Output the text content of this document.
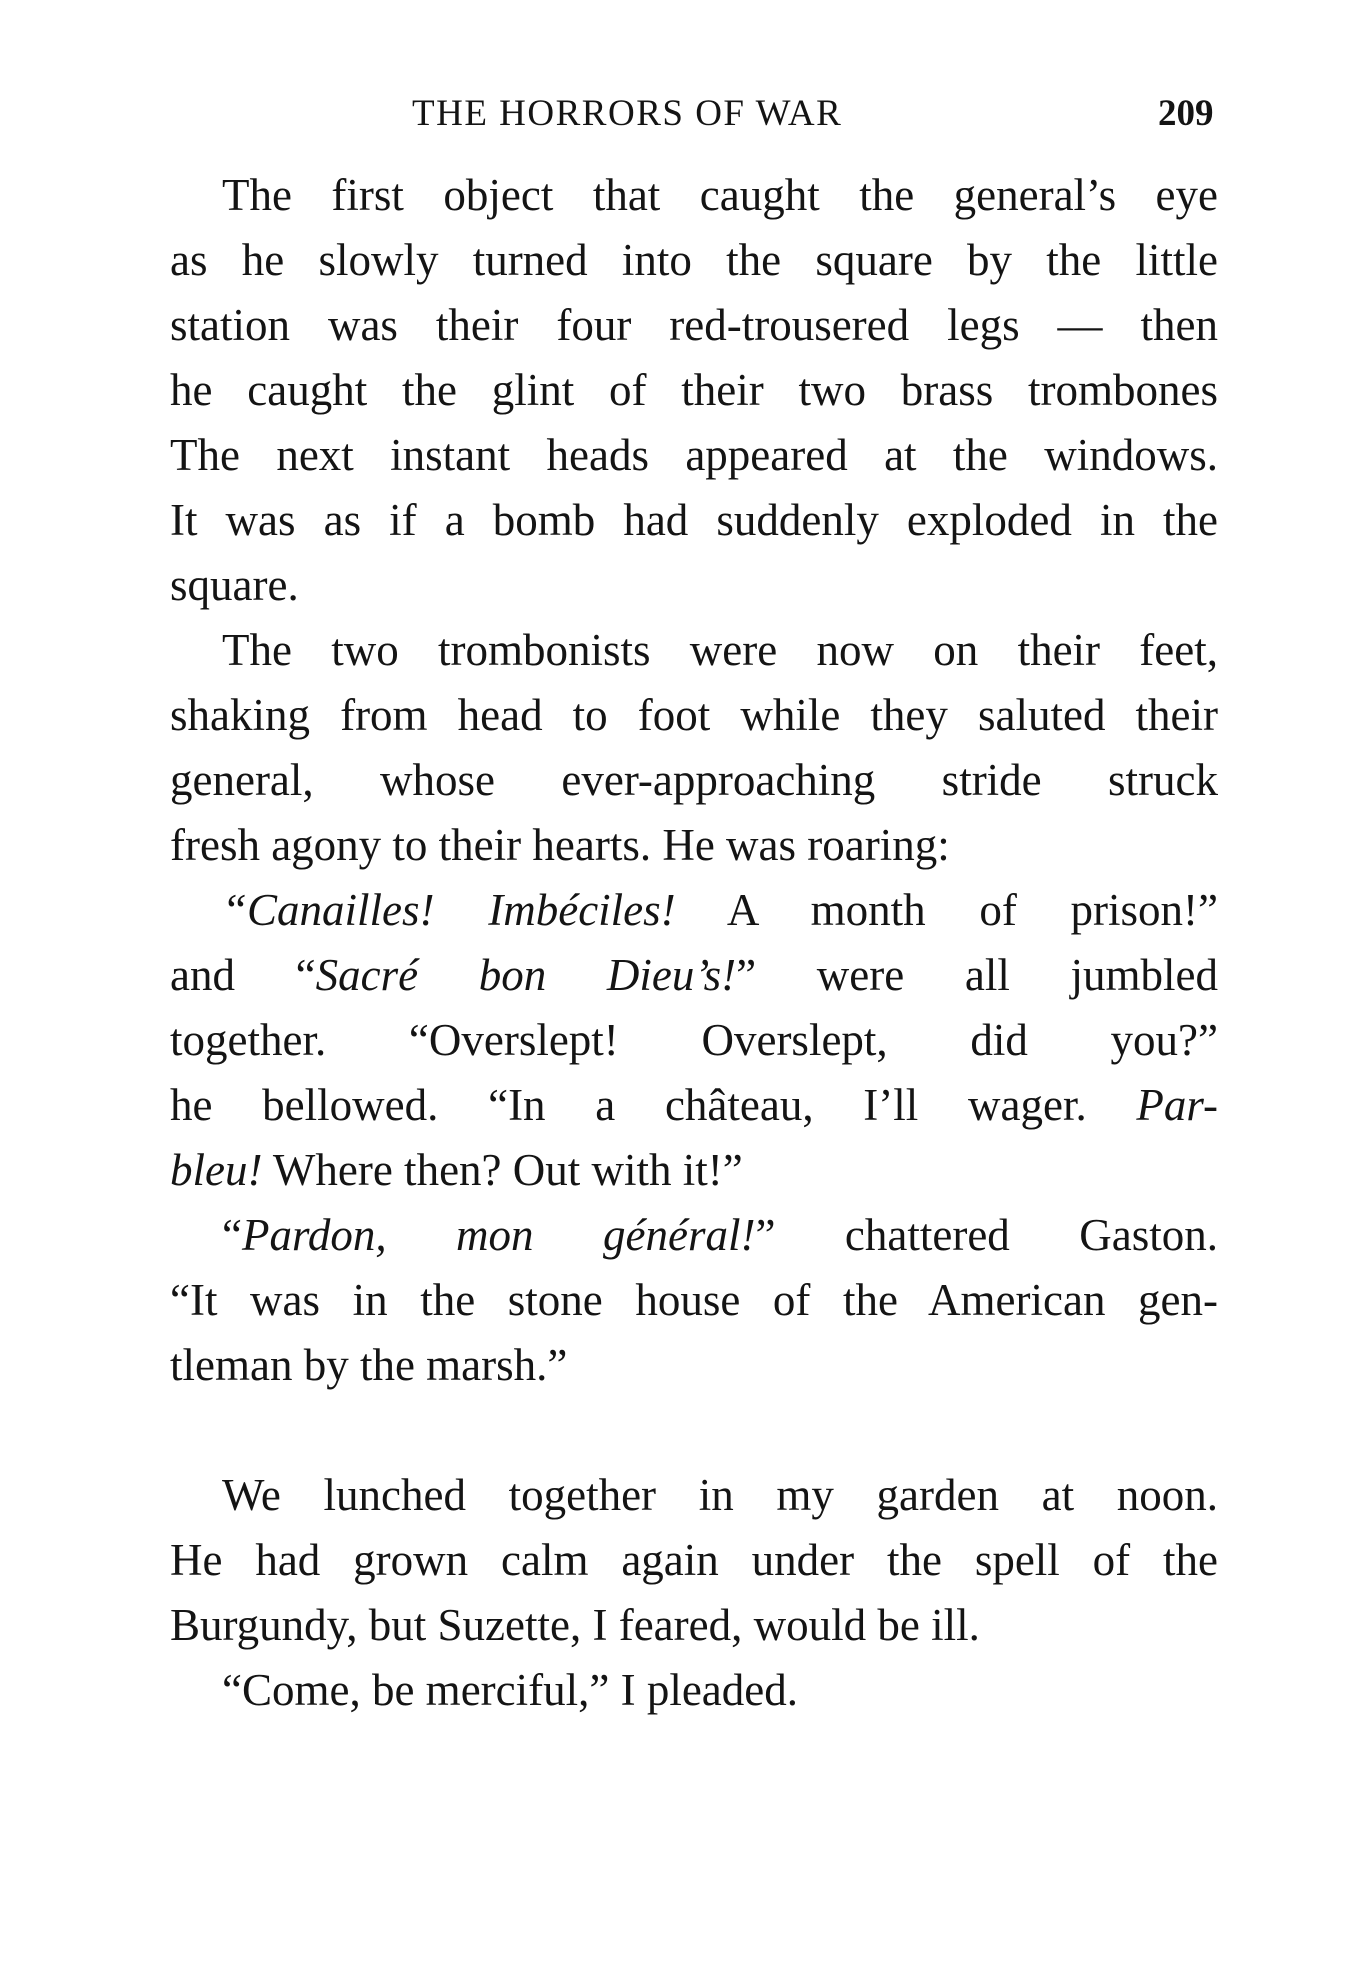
THE HORRORS OF WAR	209
The first object that caught the general’s eye
as he slowly turned into the square by the little
station was their four red-trousered legs — then
he caught the glint of their two brass trombones
The next instant heads appeared at the windows.
It was as if a bomb had suddenly exploded in the
square.
The two trombonists were now on their feet,
shaking from head to foot while they saluted their
general, whose ever-approaching stride struck
fresh agony to their hearts. He was roaring:
“Canailles! Imbéciles! A month of prison!”
and “Sacré bon Dieu’s!” were all jumbled
together. “Overslept! Overslept, did you?”
he bellowed. “In a château, I’ll wager. Par-
bleu! Where then? Out with it!”
“Pardon, mon général!” chattered Gaston.
“It was in the stone house of the American gen-
tleman by the marsh.”
We lunched together in my garden at noon.
He had grown calm again under the spell of the
Burgundy, but Suzette, I feared, would be ill.
“Come, be merciful,” I pleaded.
